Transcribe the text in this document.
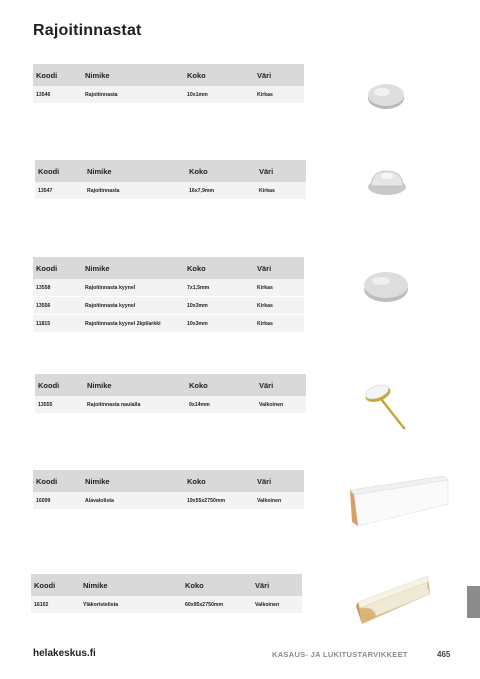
Rajoitinnastat
Koodi	Nimike	Koko	Väri
13546	Rajoitinnasta	10x1mm	Kirkas
Koodi	Nimike	Koko	Väri
13547	Rajoitinnasta	16x7,9mm	Kirkas
Koodi	Nimike	Koko	Väri
13558	Rajoitinnasta kyynel	7x1,5mm	Kirkas
13556	Rajoitinnasta kyynel	10x3mm	Kirkas
11815	Rajoitinnasta kyynel 2kpl/arkki	10x3mm	Kirkas
Koodi	Nimike	Koko	Väri
13555	Rajoitinnasta naulalla	9x14mm	Valkoinen
Koodi	Nimike	Koko	Väri
16099	Alavalolista	19x55x2750mm	Valkoinen
Koodi	Nimike	Koko	Väri
16102	Yläkoristelista	60x95x2750mm	Valkoinen
helakeskus.fi	KASAUS- JA LUKITUSTARVIKKEET	465
